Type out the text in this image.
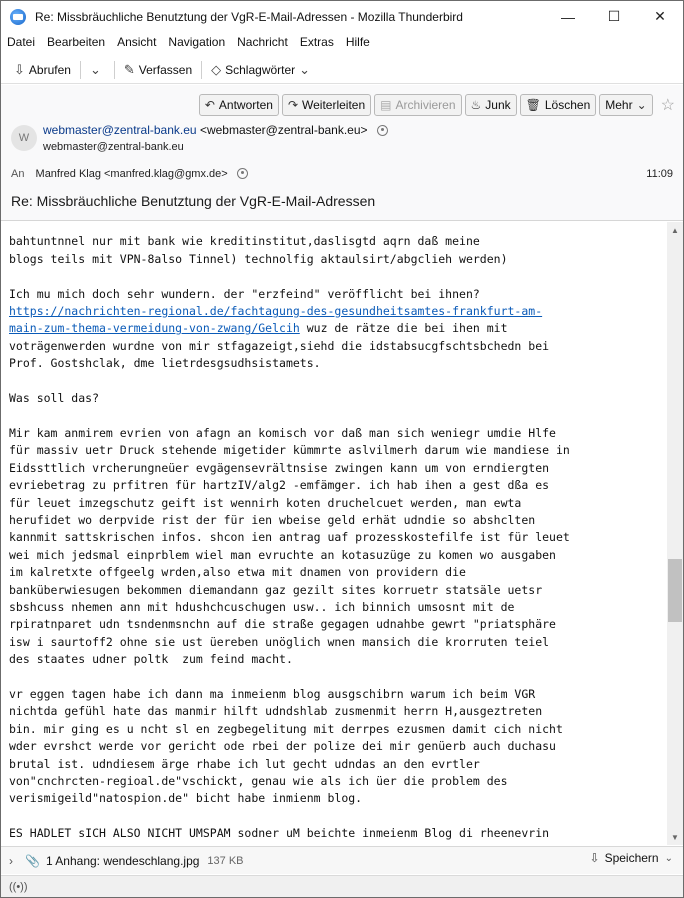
Re: Missbräuchliche Benutztung der VgR-E-Mail-Adressen - Mozilla Thunderbird	—	☐	✕
Datei Bearbeiten Ansicht Navigation Nachricht Extras Hilfe
⇩ Abrufen ⌄ ✎ Verfassen ◇ Schlagwörter ⌄
↶ Antworten ↷ Weiterleiten ▤ Archivieren ♨ Junk 🗑 Löschen Mehr ⌄ ☆
W
webmaster@zentral-bank.eu <webmaster@zentral-bank.eu>
webmaster@zentral-bank.eu
An Manfred Klag <manfred.klag@gmx.de>	11:09
Re: Missbräuchliche Benutztung der VgR-E-Mail-Adressen

bahtuntnnel nur mit bank wie kreditinstitut,daslisgtd aqrn daß meine
blogs teils mit VPN-8also Tinnel) technolfig aktaulsirt/abgclieh werden)

Ich mu mich doch sehr wundern. der "erzfeind" veröfflicht bei ihnen?
https://nachrichten-regional.de/fachtagung-des-gesundheitsamtes-frankfurt-am-
main-zum-thema-vermeidung-von-zwang/Gelcih wuz de rätze die bei ihen mit
voträgenwerden wurdne von mir stfagazeigt,siehd die idstabsucgfschtsbchedn bei
Prof. Gostshclak, dme lietrdesgsudhsistamets.

Was soll das?

Mir kam anmirem evrien von afagn an komisch vor daß man sich weniegr umdie Hlfe
für massiv uetr Druck stehende migetider kümmrte aslvilmerh darum wie mandiese in
Eidssttlich vrcherungneüer evgägensevrältnsise zwingen kann um von erndiergten
evriebetrag zu prfitren für hartzIV/alg2 -emfämger. ich hab ihen a gest dßa es
für leuet imzegschutz geift ist wennirh koten druchelcuet werden, man ewta
herufidet wo derpvide rist der für ien wbeise geld erhät udndie so abshclten
kannmit sattskrischen infos. shcon ien antrag uaf prozesskostefilfe ist für leuet
wei mich jedsmal einprblem wiel man evruchte an kotasuzüge zu komen wo ausgaben
im kalretxte offgeelg wrden,also etwa mit dnamen von providern die
banküberwiesugen bekommen diemandann gaz gezilt sites korruetr statsäle uetsr
sbshcuss nhemen ann mit hdushchcuschugen usw.. ich binnich umsosnt mit de
rpiratnparet udn tsndenmsnchn auf die straße gegagen udnahbe gewrt "priatsphäre
isw i saurtoff2 ohne sie ust üereben unöglich wnen mansich die krorruten teiel
des staates udner poltk  zum feind macht.

vr eggen tagen habe ich dann ma inmeienm blog ausgschibrn warum ich beim VGR
nichtda gefühl hate das manmir hilft udndshlab zusmenmit herrn H,ausgeztreten
bin. mir ging es u ncht sl en zegbegelitung mit derrpes ezusmen damit cich nicht
wder evrshct werde vor gericht ode rbei der polize dei mir genüerb auch duchasu
brutal ist. udndiesem ärge rhabe ich lut gecht udndas an den evrtler
von"cnchrcten-regioal.de"vschickt, genau wie als ich üer die problem des
verismigeild"natospion.de" bicht habe inmienm blog.

ES HADLET sICH ALSO NICHT UMSPAM sodner uM beichte inmeienm Blog di rheenevrin

▲
▼
› 📎 1 Anhang: wendeschlang.jpg 137 KB	⇩ Speichern ⌄
((•))
